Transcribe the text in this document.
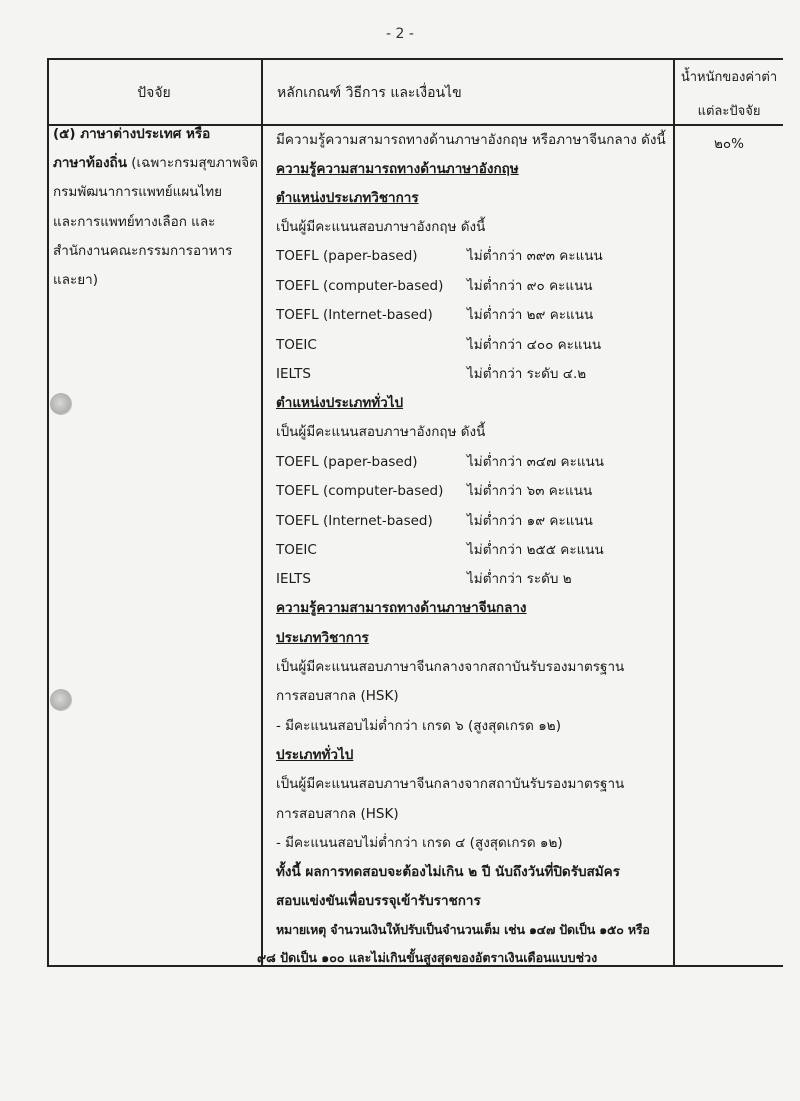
- 2 -
ปัจจัย	หลักเกณฑ์ วิธีการ และเงื่อนไข
น้ำหนักของค่าต่า
แต่ละปัจจัย
(๕) ภาษาต่างประเทศ หรือ
ภาษาท้องถิ่น (เฉพาะกรมสุขภาพจิต
กรมพัฒนาการแพทย์แผนไทย
และการแพทย์ทางเลือก และ
สำนักงานคณะกรรมการอาหาร
และยา)
๒๐%
มีความรู้ความสามารถทางด้านภาษาอังกฤษ หรือภาษาจีนกลาง ดังนี้
ความรู้ความสามารถทางด้านภาษาอังกฤษ
ตำแหน่งประเภทวิชาการ
เป็นผู้มีคะแนนสอบภาษาอังกฤษ ดังนี้
TOEFL (paper-based)	ไม่ต่ำกว่า ๓๙๓ คะแนน
TOEFL (computer-based) ไม่ต่ำกว่า ๙๐ คะแนน
TOEFL (Internet-based)	ไม่ต่ำกว่า ๒๙ คะแนน
TOEIC	ไม่ต่ำกว่า ๔๐๐ คะแนน
IELTS	ไม่ต่ำกว่า ระดับ ๔.๒
ตำแหน่งประเภททั่วไป
เป็นผู้มีคะแนนสอบภาษาอังกฤษ ดังนี้
TOEFL (paper-based)	ไม่ต่ำกว่า ๓๔๗ คะแนน
TOEFL (computer-based) ไม่ต่ำกว่า ๖๓ คะแนน
TOEFL (Internet-based)	ไม่ต่ำกว่า ๑๙ คะแนน
TOEIC	ไม่ต่ำกว่า ๒๕๕ คะแนน
IELTS	ไม่ต่ำกว่า ระดับ ๒
ความรู้ความสามารถทางด้านภาษาจีนกลาง
ประเภทวิชาการ
เป็นผู้มีคะแนนสอบภาษาจีนกลางจากสถาบันรับรองมาตรฐาน
การสอบสากล (HSK)
- มีคะแนนสอบไม่ต่ำกว่า เกรด ๖ (สูงสุดเกรด ๑๒)
ประเภททั่วไป
เป็นผู้มีคะแนนสอบภาษาจีนกลางจากสถาบันรับรองมาตรฐาน
การสอบสากล (HSK)
- มีคะแนนสอบไม่ต่ำกว่า เกรด ๔ (สูงสุดเกรด ๑๒)
ทั้งนี้ ผลการทดสอบจะต้องไม่เกิน ๒ ปี นับถึงวันที่ปิดรับสมัคร
สอบแข่งขันเพื่อบรรจุเข้ารับราชการ
หมายเหตุ จำนวนเงินให้ปรับเป็นจำนวนเต็ม เช่น ๑๔๗ ปัดเป็น ๑๕๐ หรือ
๙๘ ปัดเป็น ๑๐๐ และไม่เกินขั้นสูงสุดของอัตราเงินเดือนแบบช่วง
